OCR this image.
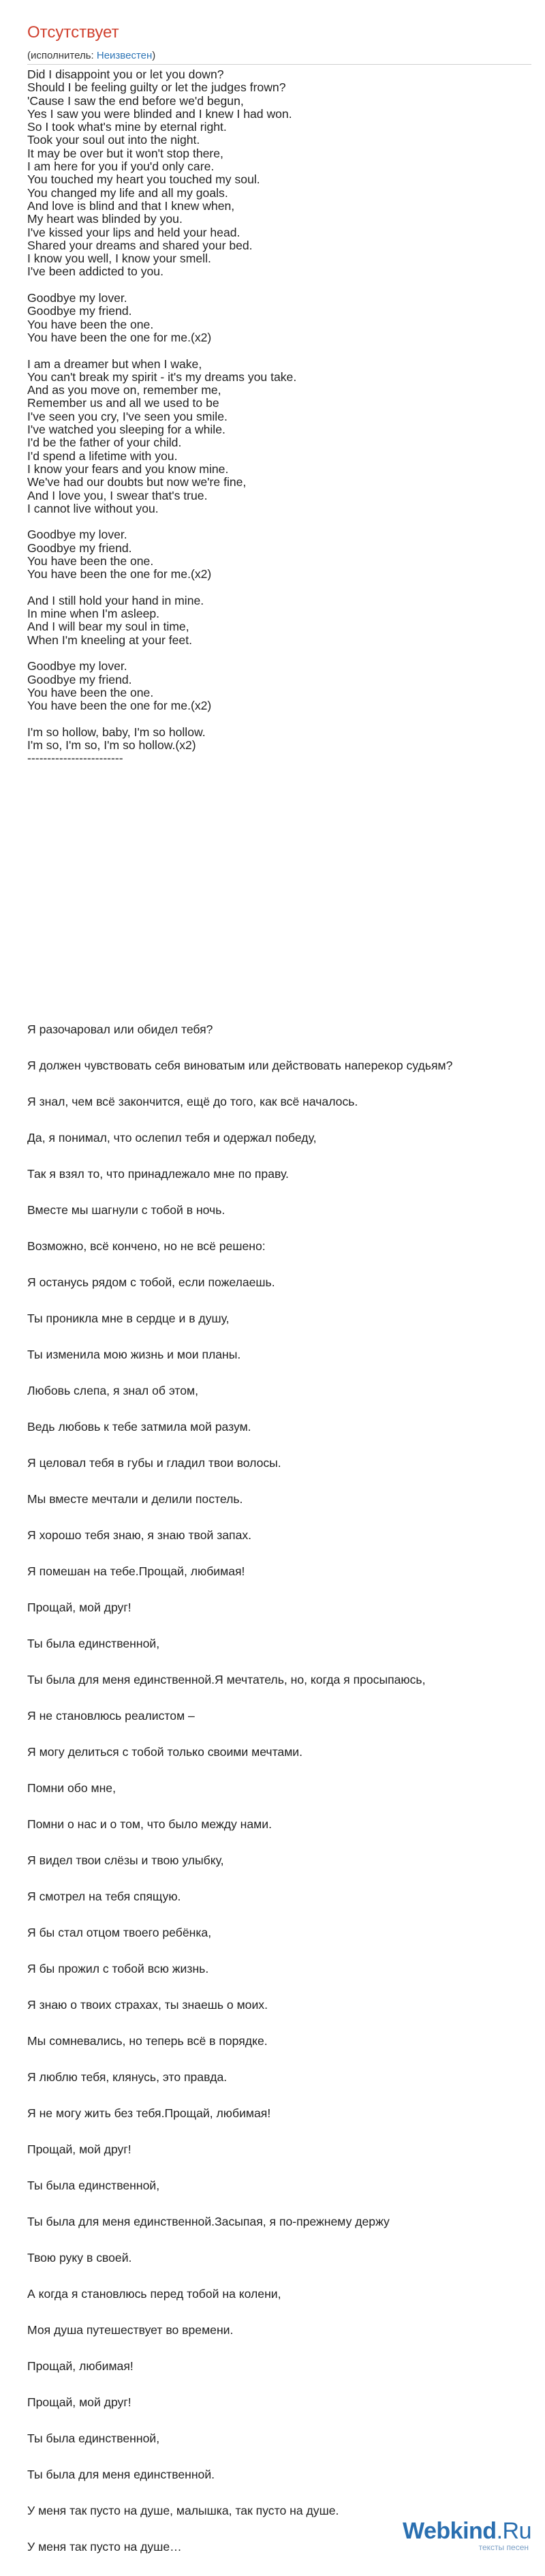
Отсутствует
(исполнитель: Неизвестен)
Did I disappoint you or let you down?
Should I be feeling guilty or let the judges frown?
'Cause I saw the end before we'd begun,
Yes I saw you were blinded and I knew I had won.
So I took what's mine by eternal right.
Took your soul out into the night.
It may be over but it won't stop there,
I am here for you if you'd only care.
You touched my heart you touched my soul.
You changed my life and all my goals.
And love is blind and that I knew when,
My heart was blinded by you.
I've kissed your lips and held your head.
Shared your dreams and shared your bed.
I know you well, I know your smell.
I've been addicted to you.
Goodbye my lover.
Goodbye my friend.
You have been the one.
You have been the one for me.(x2)
I am a dreamer but when I wake,
You can't break my spirit - it's my dreams you take.
And as you move on, remember me,
Remember us and all we used to be
I've seen you cry, I've seen you smile.
I've watched you sleeping for a while.
I'd be the father of your child.
I'd spend a lifetime with you.
I know your fears and you know mine.
We've had our doubts but now we're fine,
And I love you, I swear that's true.
I cannot live without you.
Goodbye my lover.
Goodbye my friend.
You have been the one.
You have been the one for me.(x2)
And I still hold your hand in mine.
In mine when I'm asleep.
And I will bear my soul in time,
When I'm kneeling at your feet.
Goodbye my lover.
Goodbye my friend.
You have been the one.
You have been the one for me.(x2)
I'm so hollow, baby, I'm so hollow.
I'm so, I'm so, I'm so hollow.(x2)
------------------------
Я разочаровал или обидел тебя?
Я должен чувствовать себя виноватым или действовать наперекор судьям?
Я знал, чем всё закончится, ещё до того, как всё началось.
Да, я понимал, что ослепил тебя и одержал победу,
Так я взял то, что принадлежало мне по праву.
Вместе мы шагнули с тобой в ночь.
Возможно, всё кончено, но не всё решено:
Я останусь рядом с тобой, если пожелаешь.
Ты проникла мне в сердце и в душу,
Ты изменила мою жизнь и мои планы.
Любовь слепа, я знал об этом,
Ведь любовь к тебе затмила мой разум.
Я целовал тебя в губы и гладил твои волосы.
Мы вместе мечтали и делили постель.
Я хорошо тебя знаю, я знаю твой запах.
Я помешан на тебе.Прощай, любимая!
Прощай, мой друг!
Ты была единственной,
Ты была для меня единственной.Я мечтатель, но, когда я просыпаюсь,
Я не становлюсь реалистом –
Я могу делиться с тобой только своими мечтами.
Помни обо мне,
Помни о нас и о том, что было между нами.
Я видел твои слёзы и твою улыбку,
Я смотрел на тебя спящую.
Я бы стал отцом твоего ребёнка,
Я бы прожил с тобой всю жизнь.
Я знаю о твоих страхах, ты знаешь о моих.
Мы сомневались, но теперь всё в порядке.
Я люблю тебя, клянусь, это правда.
Я не могу жить без тебя.Прощай, любимая!
Прощай, мой друг!
Ты была единственной,
Ты была для меня единственной.Засыпая, я по-прежнему держу
Твою руку в своей.
А когда я становлюсь перед тобой на колени,
Моя душа путешествует во времени.
Прощай, любимая!
Прощай, мой друг!
Ты была единственной,
Ты была для меня единственной.
У меня так пусто на душе, малышка, так пусто на душе.
У меня так пусто на душе…
Webkind.Ru
тексты песен
